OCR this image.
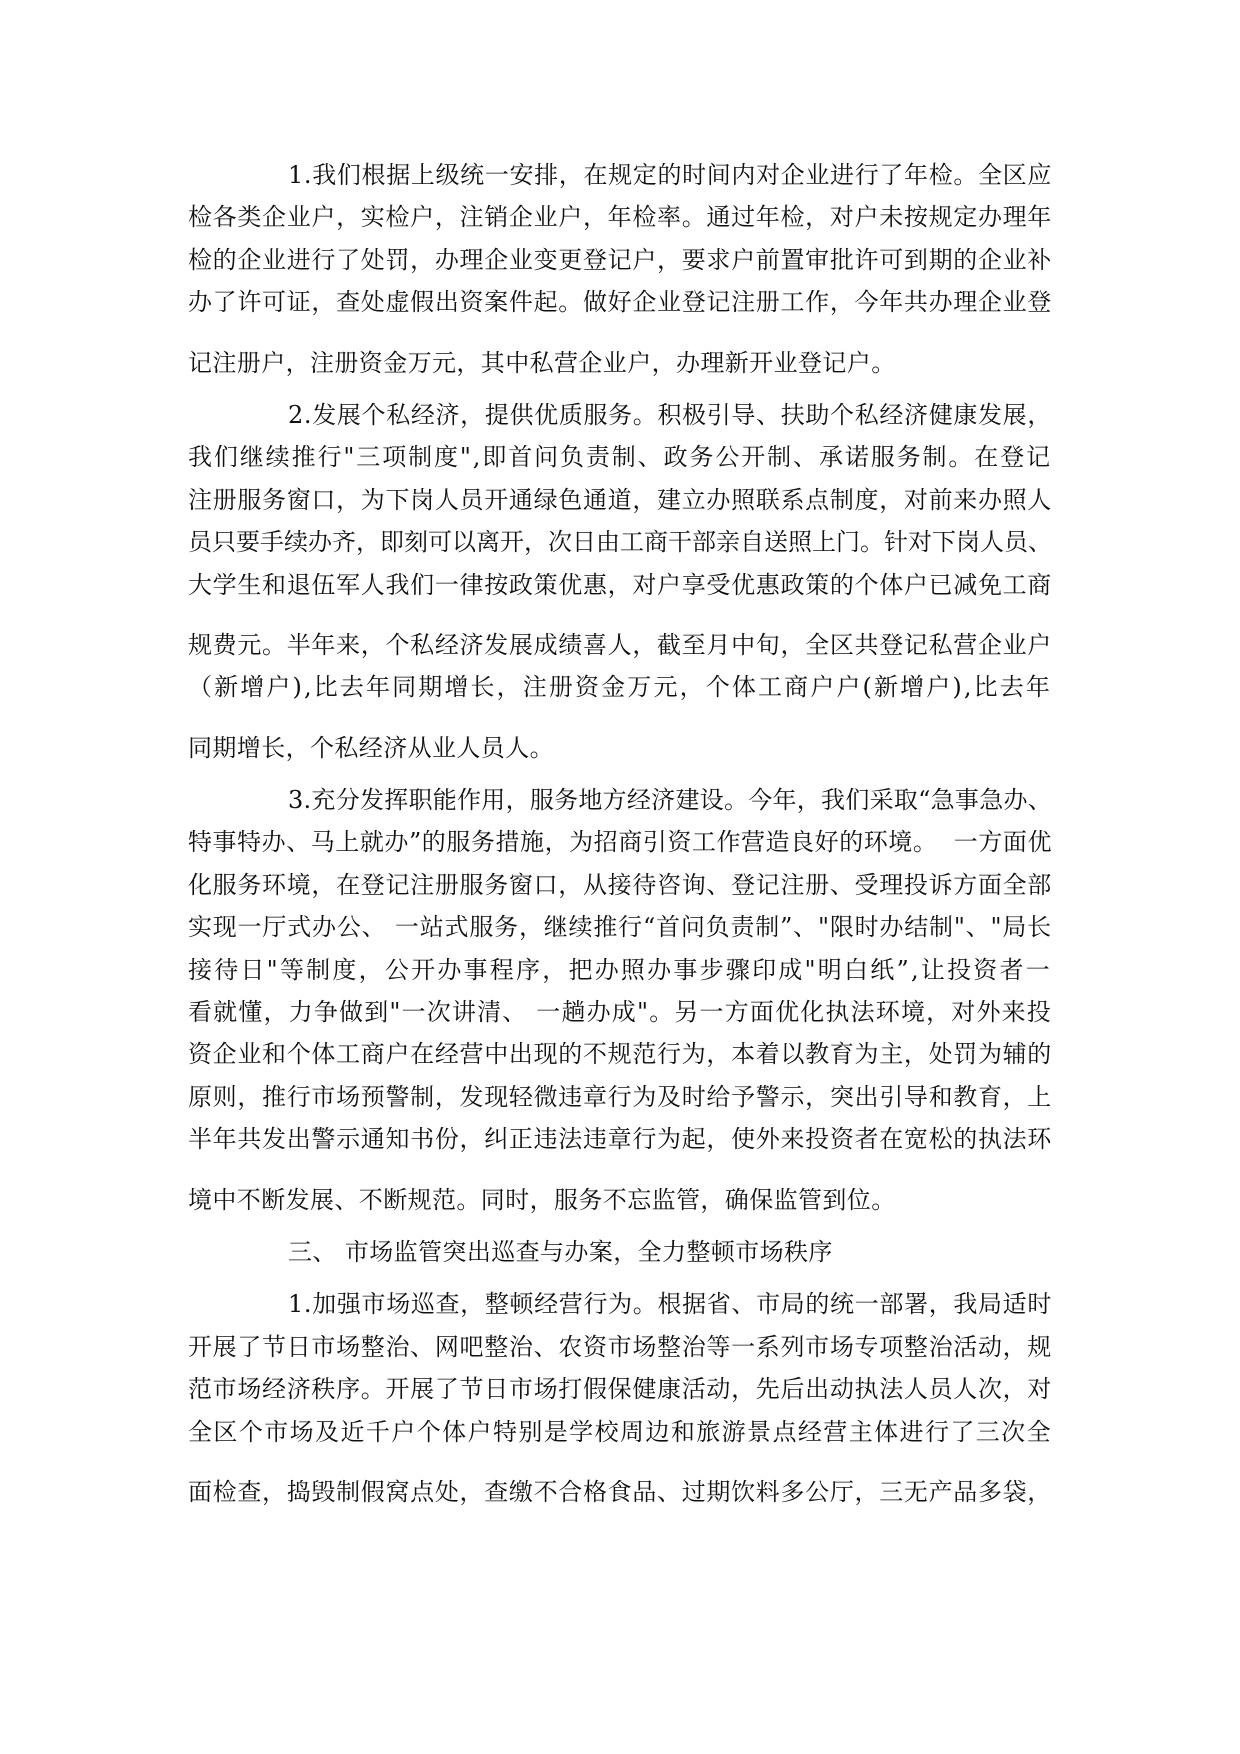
1.我们根据上级统一安排，在规定的时间内对企业进行了年检。全区应
检各类企业户，实检户，注销企业户，年检率。通过年检，对户未按规定办理年
检的企业进行了处罚，办理企业变更登记户，要求户前置审批许可到期的企业补
办了许可证，查处虚假出资案件起。做好企业登记注册工作，今年共办理企业登
记注册户，注册资金万元，其中私营企业户，办理新开业登记户。
2.发展个私经济，提供优质服务。积极引导、扶助个私经济健康发展，
我们继续推行"三项制度",即首问负责制、政务公开制、承诺服务制。在登记
注册服务窗口，为下岗人员开通绿色通道，建立办照联系点制度，对前来办照人
员只要手续办齐，即刻可以离开，次日由工商干部亲自送照上门。针对下岗人员、
大学生和退伍军人我们一律按政策优惠，对户享受优惠政策的个体户已减免工商
规费元。半年来，个私经济发展成绩喜人，截至月中旬，全区共登记私营企业户
（新增户),比去年同期增长，注册资金万元，个体工商户户(新增户),比去年
同期增长，个私经济从业人员人。
3.充分发挥职能作用，服务地方经济建设。今年，我们采取“急事急办、
特事特办、马上就办”的服务措施，为招商引资工作营造良好的环境。  一方面优
化服务环境，在登记注册服务窗口，从接待咨询、登记注册、受理投诉方面全部
实现一厅式办公、 一站式服务，继续推行“首问负责制”、"限时办结制"、"局长
接待日"等制度，公开办事程序，把办照办事步骤印成"明白纸”,让投资者一
看就懂，力争做到"一次讲清、 一趟办成"。另一方面优化执法环境，对外来投
资企业和个体工商户在经营中出现的不规范行为，本着以教育为主，处罚为辅的
原则，推行市场预警制，发现轻微违章行为及时给予警示，突出引导和教育，上
半年共发出警示通知书份，纠正违法违章行为起，使外来投资者在宽松的执法环
境中不断发展、不断规范。同时，服务不忘监管，确保监管到位。
三、 市场监管突出巡查与办案，全力整顿市场秩序
1.加强市场巡查，整顿经营行为。根据省、市局的统一部署，我局适时
开展了节日市场整治、网吧整治、农资市场整治等一系列市场专项整治活动，规
范市场经济秩序。开展了节日市场打假保健康活动，先后出动执法人员人次，对
全区个市场及近千户个体户特别是学校周边和旅游景点经营主体进行了三次全
面检查，捣毁制假窝点处，查缴不合格食品、过期饮料多公厅，三无产品多袋，
